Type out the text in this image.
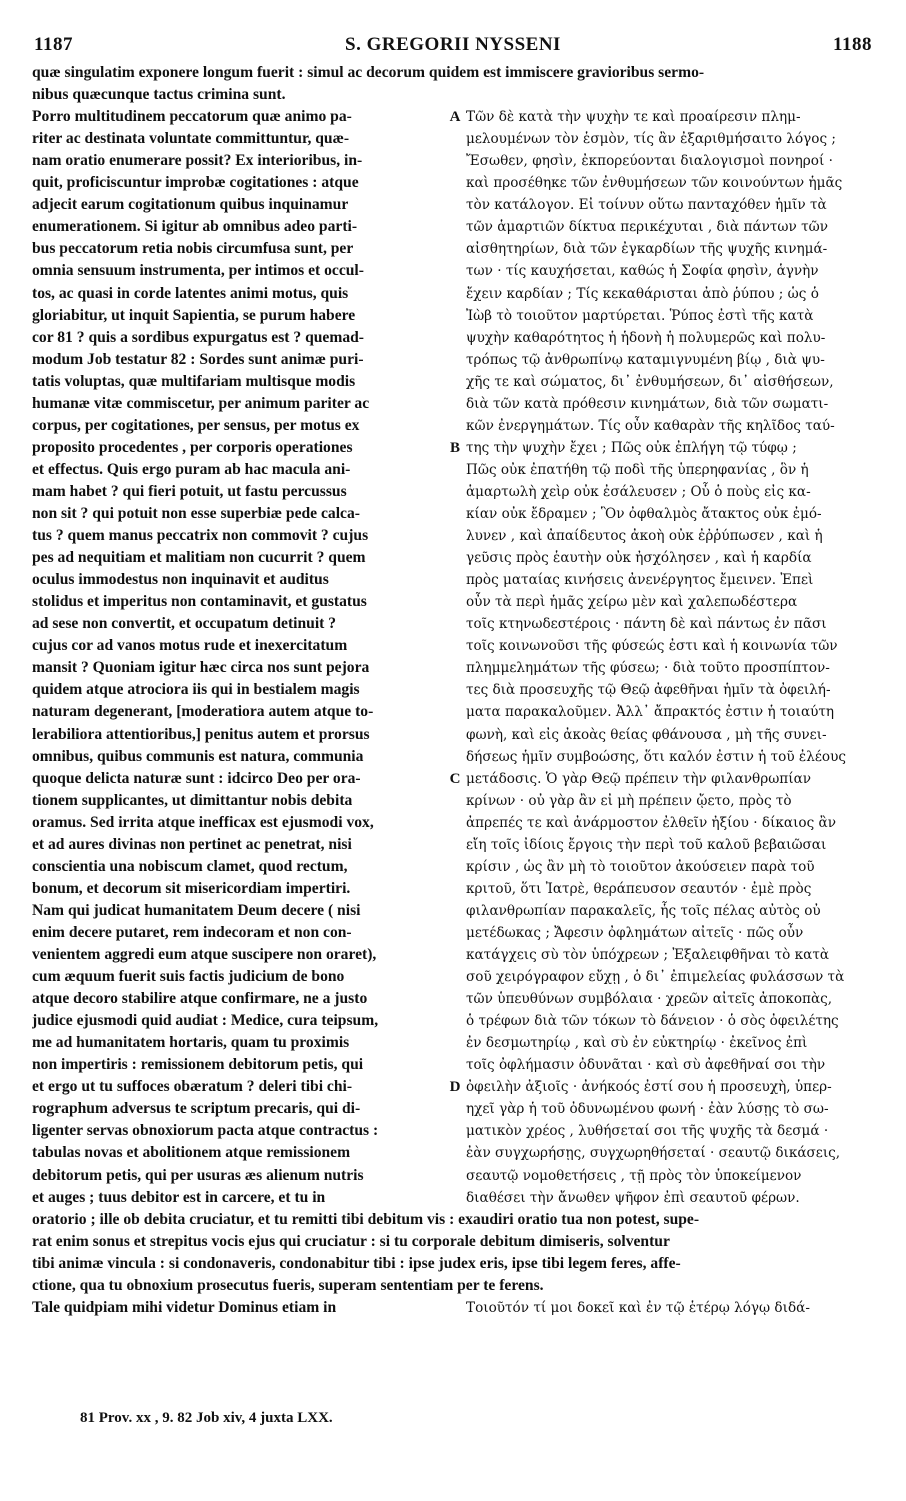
1187	S. GREGORII NYSSENI	1188
quæ singulatim exponere longum fuerit : simul ac decorum quidem est immiscere gravioribus sermo-
nibus quæcunque tactus crimina sunt.
Porro multitudinem peccatorum quæ animo pa-
riter ac destinata voluntate committuntur, quæ-
nam oratio enumerare possit? Ex interioribus, in-
quit, proficiscuntur improbæ cogitationes : atque
adjecit earum cogitationum quibus inquinamur
enumerationem. Si igitur ab omnibus adeo parti-
bus peccatorum retia nobis circumfusa sunt, per
omnia sensuum instrumenta, per intimos et occul-
tos, ac quasi in corde latentes animi motus, quis
gloriabitur, ut inquit Sapientia, se purum habere
cor 81 ? quis a sordibus expurgatus est ? quemad-
modum Job testatur 82 : Sordes sunt animæ puri-
tatis voluptas, quæ multifariam multisque modis
humanæ vitæ commiscetur, per animum pariter ac
corpus, per cogitationes, per sensus, per motus ex
proposito procedentes , per corporis operationes
et effectus. Quis ergo puram ab hac macula ani-
mam habet ? qui fieri potuit, ut fastu percussus
non sit ? qui potuit non esse superbiæ pede calca-
tus ? quem manus peccatrix non commovit ? cujus
pes ad nequitiam et malitiam non cucurrit ? quem
oculus immodestus non inquinavit et auditus
stolidus et imperitus non contaminavit, et gustatus
ad sese non convertit, et occupatum detinuit ?
cujus cor ad vanos motus rude et inexercitatum
mansit ? Quoniam igitur hæc circa nos sunt pejora
quidem atque atrociora iis qui in bestialem magis
naturam degenerant, [moderatiora autem atque to-
lerabiliora attentioribus,] penitus autem et prorsus
omnibus, quibus communis est natura, communia
quoque delicta naturæ sunt : idcirco Deo per ora-
tionem supplicantes, ut dimittantur nobis debita
oramus. Sed irrita atque inefficax est ejusmodi vox,
et ad aures divinas non pertinet ac penetrat, nisi
conscientia una nobiscum clamet, quod rectum,
bonum, et decorum sit misericordiam impertiri.
Nam qui judicat humanitatem Deum decere ( nisi
enim decere putaret, rem indecoram et non con-
venientem aggredi eum atque suscipere non oraret),
cum æquum fuerit suis factis judicium de bono
atque decoro stabilire atque confirmare, ne a justo
judice ejusmodi quid audiat : Medice, cura teipsum,
me ad humanitatem hortaris, quam tu proximis
non impertiris : remissionem debitorum petis, qui
et ergo ut tu suffoces obæratum ? deleri tibi chi-
rographum adversus te scriptum precaris, qui di-
ligenter servas obnoxiorum pacta atque contractus :
tabulas novas et abolitionem atque remissionem
debitorum petis, qui per usuras æs alienum nutris
et auges ; tuus debitor est in carcere, et tu in
Τῶν δὲ κατὰ τὴν ψυχὴν τε καὶ προαίρεσιν πλημ-
μελουμένων τὸν ἑσμὸν, τίς ἂν ἐξαριθμήσαιτο λόγος ;
Ἔσωθεν, φησὶν, ἐκπορεύονται διαλογισμοὶ πονηροί ·
καὶ προσέθηκε τῶν ἐνθυμήσεων τῶν κοινούντων ἡμᾶς
τὸν κατάλογον. Εἰ τοίνυν οὕτω πανταχόθεν ἡμῖν τὰ
τῶν ἁμαρτιῶν δίκτυα περικέχυται , διὰ πάντων τῶν
αἰσθητηρίων, διὰ τῶν ἐγκαρδίων τῆς ψυχῆς κινημά-
των · τίς καυχήσεται, καθώς ἡ Σοφία φησὶν, ἁγνὴν
ἔχειν καρδίαν ; Τίς κεκαθάρισται ἀπὸ ῥύπου ; ὡς ὁ
Ἰὼβ τὸ τοιοῦτον μαρτύρεται. Ῥύπος ἐστὶ τῆς κατὰ
ψυχὴν καθαρότητος ἡ ἡδονὴ ἡ πολυμερῶς καὶ πολυ-
τρόπως τῷ ἀνθρωπίνῳ καταμιγνυμένη βίῳ , διὰ ψυ-
χῆς τε καὶ σώματος, δι᾿ ἐνθυμήσεων, δι᾿ αἰσθήσεων,
διὰ τῶν κατὰ πρόθεσιν κινημάτων, διὰ τῶν σωματι-
κῶν ἐνεργημάτων. Τίς οὖν καθαρὰν τῆς κηλῖδος ταύ-
της τὴν ψυχὴν ἔχει ; Πῶς οὐκ ἐπλήγη τῷ τύφῳ ;
Πῶς οὐκ ἐπατήθη τῷ ποδὶ τῆς ὑπερηφανίας , ὃν ἡ
ἁμαρτωλὴ χεὶρ οὐκ ἐσάλευσεν ; Οὗ ὁ ποὺς εἰς κα-
κίαν οὐκ ἔδραμεν ; Ὃν ὀφθαλμὸς ἄτακτος οὐκ ἐμό-
λυνεν , καὶ ἀπαίδευτος ἀκοὴ οὐκ ἐῤῥύπωσεν , καὶ ἡ
γεῦσις πρὸς ἑαυτὴν οὐκ ἠσχόλησεν , καὶ ἡ καρδία
πρὸς ματαίας κινήσεις ἀνενέργητος ἔμεινεν. Ἐπεὶ
οὖν τὰ περὶ ἡμᾶς χείρω μὲν καὶ χαλεπωδέστερα
τοῖς κτηνωδεστέροις · πάντη δὲ καὶ πάντως ἐν πᾶσι
τοῖς κοινωνοῦσι τῆς φύσεώς ἐστι καὶ ἡ κοινωνία τῶν
πλημμελημάτων τῆς φύσεω; · διὰ τοῦτο προσπίπτον-
τες διὰ προσευχῆς τῷ Θεῷ ἀφεθῆναι ἡμῖν τὰ ὀφειλή-
ματα παρακαλοῦμεν. Ἀλλ᾿ ἄπρακτός ἐστιν ἡ τοιαύτη
φωνὴ, καὶ εἰς ἀκοὰς θείας φθάνουσα , μὴ τῆς συνει-
δήσεως ἡμῖν συμβοώσης, ὅτι καλόν ἐστιν ἡ τοῦ ἐλέους
μετάδοσις. Ὁ γὰρ Θεῷ πρέπειν τὴν φιλανθρωπίαν
κρίνων · οὐ γὰρ ἂν εἰ μὴ πρέπειν ᾤετο, πρὸς τὸ
ἀπρεπές τε καὶ ἀνάρμοστον ἐλθεῖν ἠξίου · δίκαιος ἂν
εἴη τοῖς ἰδίοις ἔργοις τὴν περὶ τοῦ καλοῦ βεβαιῶσαι
κρίσιν , ὡς ἂν μὴ τὸ τοιοῦτον ἀκούσειεν παρὰ τοῦ
κριτοῦ, ὅτι Ἰατρὲ, θεράπευσον σεαυτόν · ἐμὲ πρὸς
φιλανθρωπίαν παρακαλεῖς, ἧς τοῖς πέλας αὐτὸς οὐ
μετέδωκας ; Ἄφεσιν ὀφλημάτων αἰτεῖς · πῶς οὖν
κατάγχεις σὺ τὸν ὑπόχρεων ; Ἐξαλειφθῆναι τὸ κατὰ
σοῦ χειρόγραφον εὔχῃ , ὁ δι᾿ ἐπιμελείας φυλάσσων τὰ
τῶν ὑπευθύνων συμβόλαια · χρεῶν αἰτεῖς ἀποκοπὰς,
ὁ τρέφων διὰ τῶν τόκων τὸ δάνειον · ὁ σὸς ὀφειλέτης
ἐν δεσμωτηρίῳ , καὶ σὺ ἐν εὐκτηρίῳ · ἐκεῖνος ἐπὶ
τοῖς ὀφλήμασιν ὀδυνᾶται · καὶ σὺ ἀφεθῆναί σοι τὴν
ὀφειλὴν ἀξιοῖς · ἀνήκοός ἐστί σου ἡ προσευχὴ, ὑπερ-
ηχεῖ γὰρ ἡ τοῦ ὀδυνωμένου φωνή · ἐὰν λύσῃς τὸ σω-
ματικὸν χρέος , λυθήσεταί σοι τῆς ψυχῆς τὰ δεσμά ·
ἐὰν συγχωρήσῃς, συγχωρηθήσεταί · σεαυτῷ δικάσεις,
σεαυτῷ νομοθετήσεις , τῇ πρὸς τὸν ὑποκείμενον
διαθέσει τὴν ἄνωθεν ψῆφον ἐπὶ σεαυτοῦ φέρων.
oratorio ; ille ob debita cruciatur, et tu remitti tibi debitum vis : exaudiri oratio tua non potest, supe-
rat enim sonus et strepitus vocis ejus qui cruciatur : si tu corporale debitum dimiseris, solventur
tibi animæ vincula : si condonaveris, condonabitur tibi : ipse judex eris, ipse tibi legem feres, affe-
ctione, qua tu obnoxium prosecutus fueris, superam sententiam per te ferens.
Tale quidpiam mihi videtur Dominus etiam in	Τοιοῦτόν τί μοι δοκεῖ καὶ ἐν τῷ ἑτέρῳ λόγῳ διδά-
A
B
C
D
81 Prov. xx , 9. 82 Job xiv, 4 juxta LXX.
